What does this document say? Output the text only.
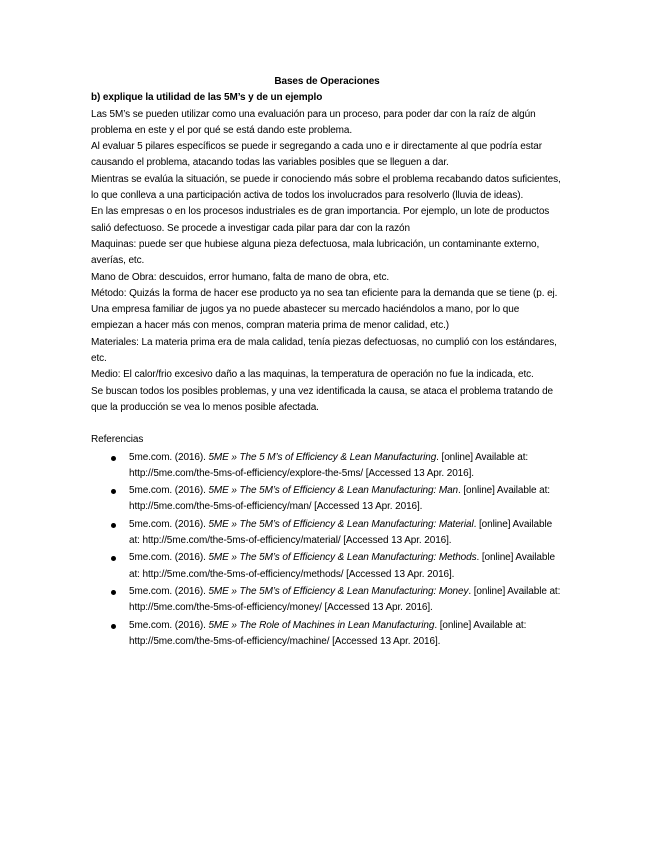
Bases de Operaciones

b) explique la utilidad de las 5M’s y de un ejemplo

Las 5M’s se pueden utilizar como una evaluación para un proceso, para poder dar con la raíz de algún problema en este y el por qué se está dando este problema.

Al evaluar 5 pilares específicos se puede ir segregando a cada uno e ir directamente al que podría estar causando el problema, atacando todas las variables posibles que se lleguen a dar.

Mientras se evalúa la situación, se puede ir conociendo más sobre el problema recabando datos suficientes, lo que conlleva a una participación activa de todos los involucrados para resolverlo (lluvia de ideas).

En las empresas o en los procesos industriales es de gran importancia. Por ejemplo, un lote de productos salió defectuoso. Se procede a investigar cada pilar para dar con la razón

Maquinas: puede ser que hubiese alguna pieza defectuosa, mala lubricación, un contaminante externo, averías, etc.

Mano de Obra: descuidos, error humano, falta de mano de obra, etc.

Método: Quizás la forma de hacer ese producto ya no sea tan eficiente para la demanda que se tiene (p. ej. Una empresa familiar de jugos ya no puede abastecer su mercado haciéndolos a mano, por lo que empiezan a hacer más con menos, compran materia prima de menor calidad, etc.)

Materiales: La materia prima era de mala calidad, tenía piezas defectuosas, no cumplió con los estándares, etc.

Medio: El calor/frio excesivo daño a las maquinas, la temperatura de operación no fue la indicada, etc.

Se buscan todos los posibles problemas, y una vez identificada la causa, se ataca el problema tratando de que la producción se vea lo menos posible afectada.

Referencias

5me.com. (2016). 5ME » The 5 M’s of Efficiency & Lean Manufacturing. [online] Available at: http://5me.com/the-5ms-of-efficiency/explore-the-5ms/ [Accessed 13 Apr. 2016].
5me.com. (2016). 5ME » The 5M’s of Efficiency & Lean Manufacturing: Man. [online] Available at: http://5me.com/the-5ms-of-efficiency/man/ [Accessed 13 Apr. 2016].
5me.com. (2016). 5ME » The 5M’s of Efficiency & Lean Manufacturing: Material. [online] Available at: http://5me.com/the-5ms-of-efficiency/material/ [Accessed 13 Apr. 2016].
5me.com. (2016). 5ME » The 5M’s of Efficiency & Lean Manufacturing: Methods. [online] Available at: http://5me.com/the-5ms-of-efficiency/methods/ [Accessed 13 Apr. 2016].
5me.com. (2016). 5ME » The 5M’s of Efficiency & Lean Manufacturing: Money. [online] Available at: http://5me.com/the-5ms-of-efficiency/money/ [Accessed 13 Apr. 2016].
5me.com. (2016). 5ME » The Role of Machines in Lean Manufacturing. [online] Available at: http://5me.com/the-5ms-of-efficiency/machine/ [Accessed 13 Apr. 2016].
